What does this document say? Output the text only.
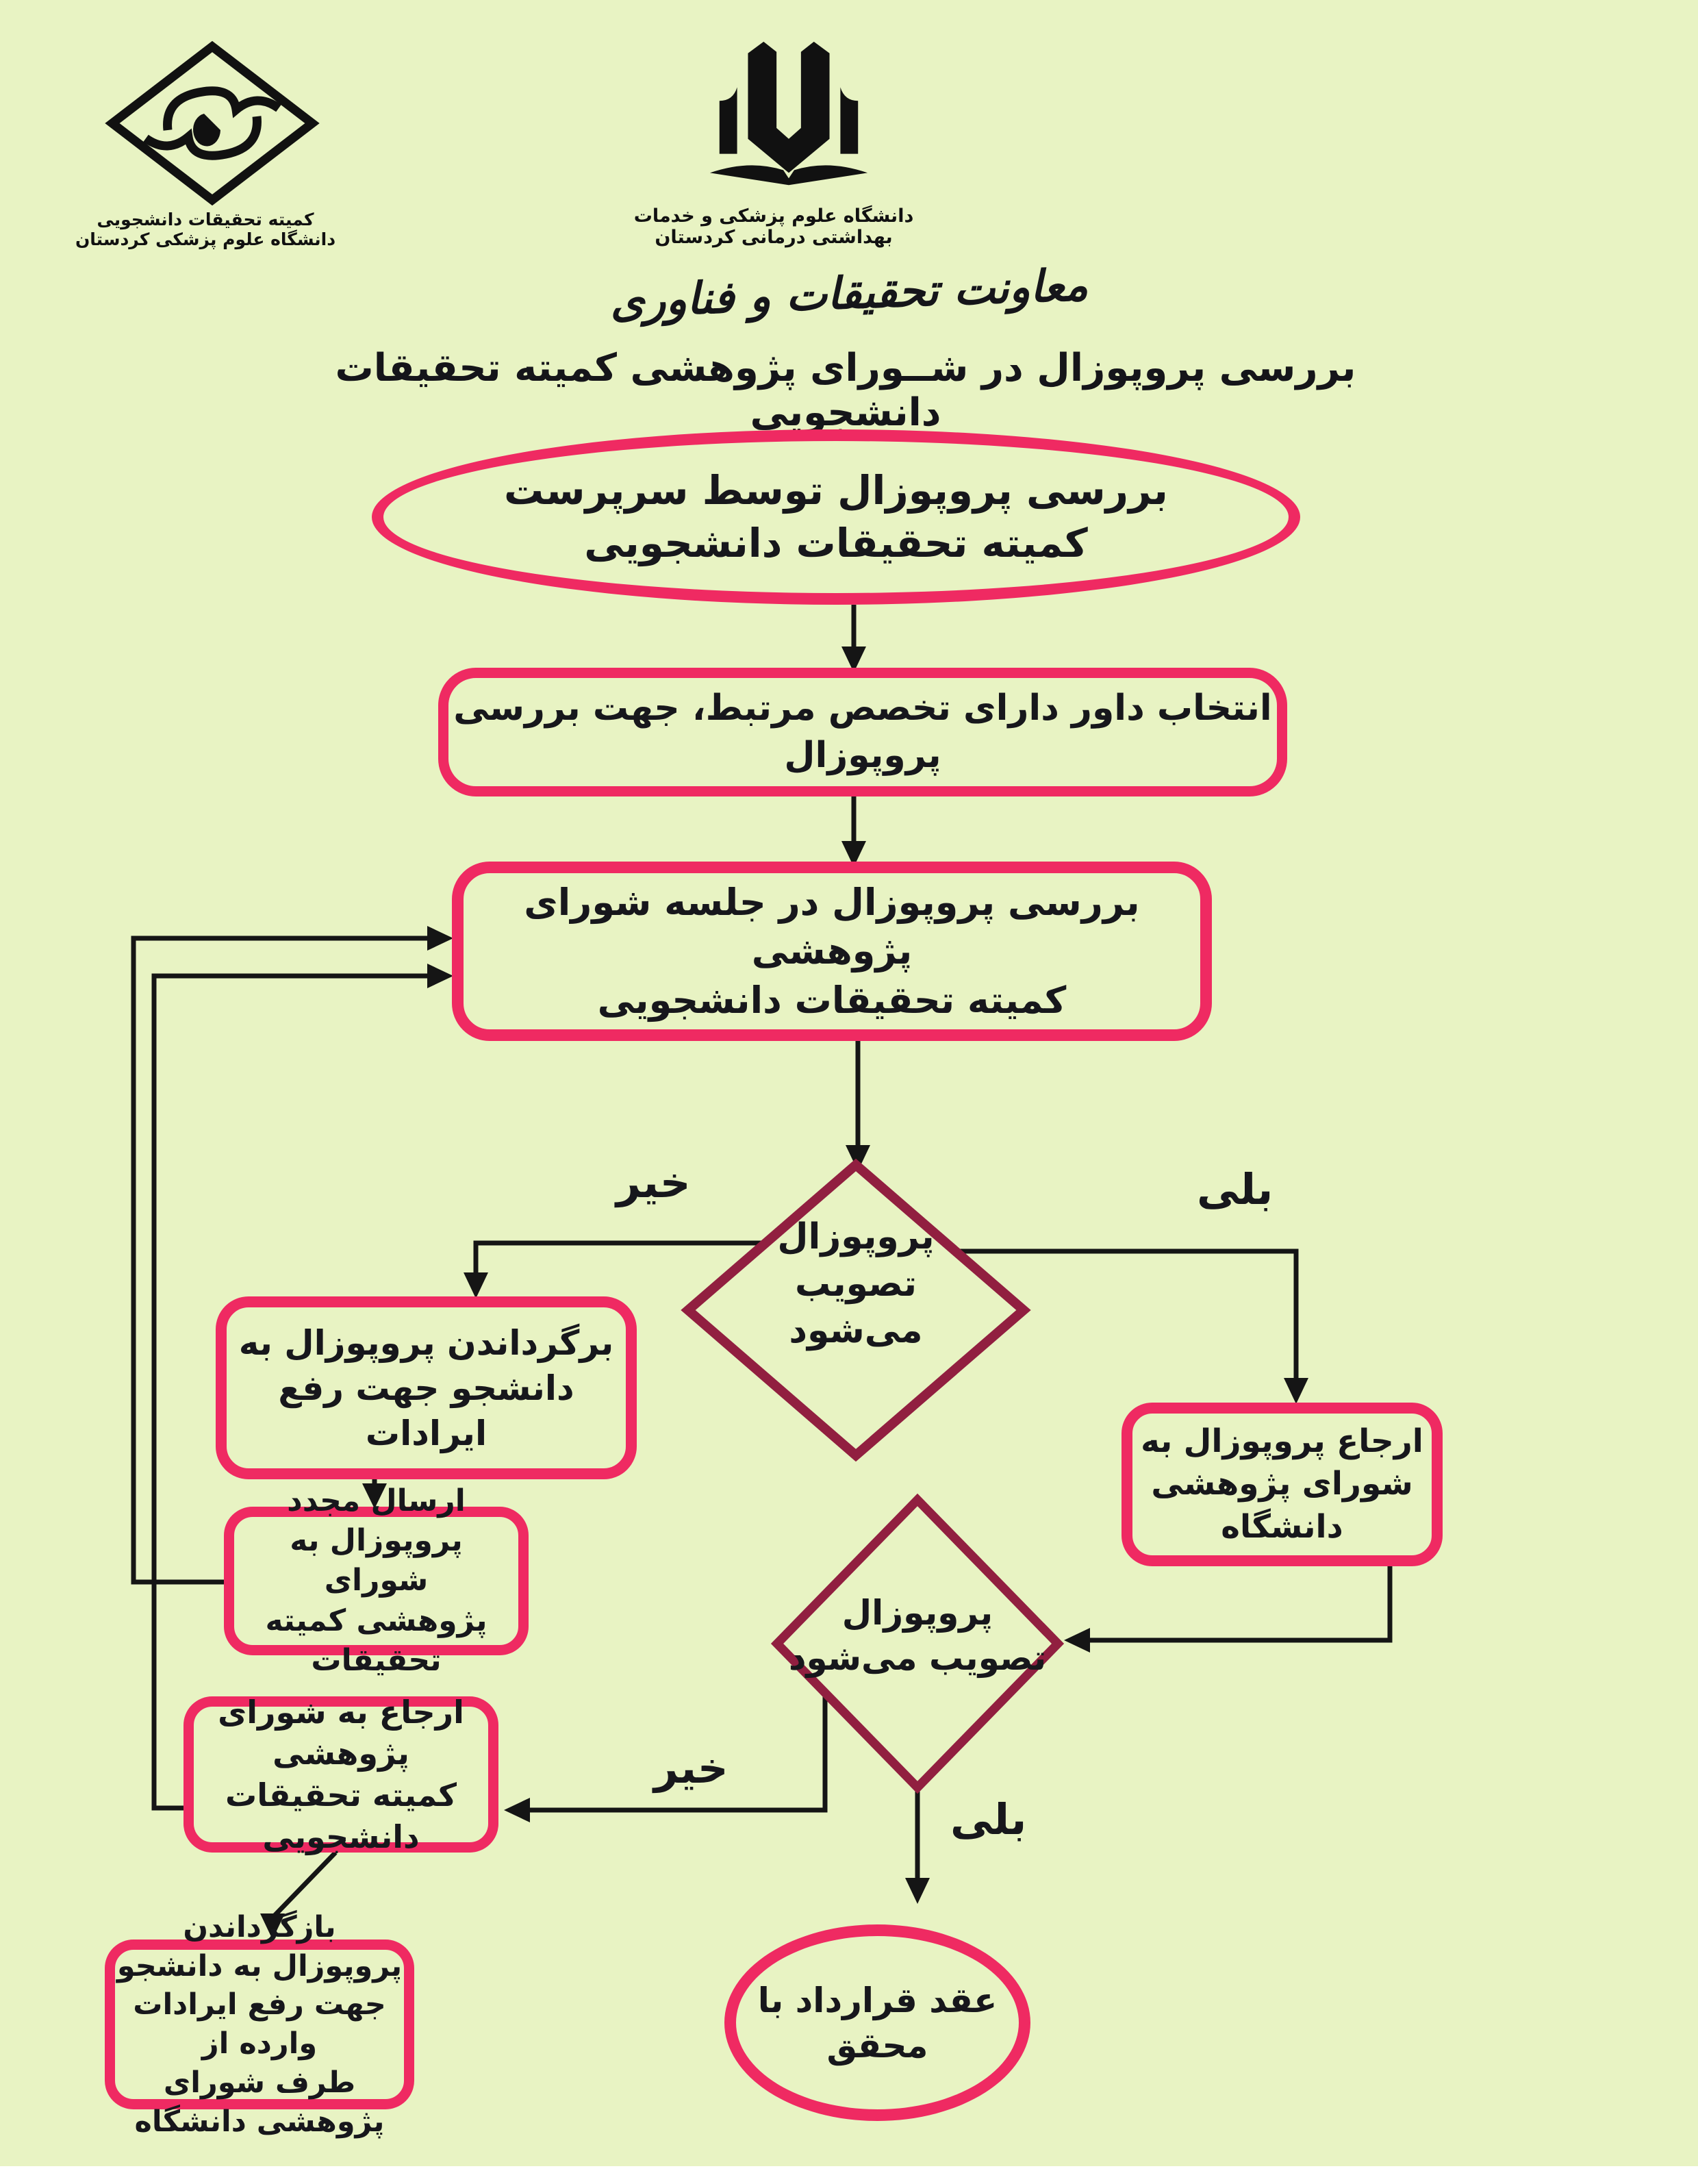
کمیته تحقیقات دانشجویی دانشگاه علوم پزشکی کردستان
دانشگاه علوم پزشکی و خدمات بهداشتی درمانی کردستان
معاونت تحقیقات و فناوری
بررسی پروپوزال در شــورای پژوهشی کمیته تحقیقات دانشجویی
بررسی پروپوزال توسط سرپرست
کمیته تحقیقات دانشجویی
انتخاب داور دارای تخصص مرتبط، جهت بررسی پروپوزال
بررسی پروپوزال در جلسه شورای پژوهشی
کمیته تحقیقات دانشجویی
پروپوزال
تصویب می‌شود
خیر	بلی
برگرداندن پروپوزال به
دانشجو جهت رفع ایرادات
ارسال مجدد پروپوزال به شورای
پژوهشی کمیته تحقیقات
ارجاع به شورای پژوهشی
کمیته تحقیقات دانشجویی
بازگرداندن پروپوزال به دانشجو
جهت رفع ایرادات وارده از
طرف شورای پژوهشی دانشگاه
ارجاع پروپوزال به
شورای پژوهشی دانشگاه
پروپوزال
تصویب می‌شود
خیر
بلی
عقد قرارداد با محقق
